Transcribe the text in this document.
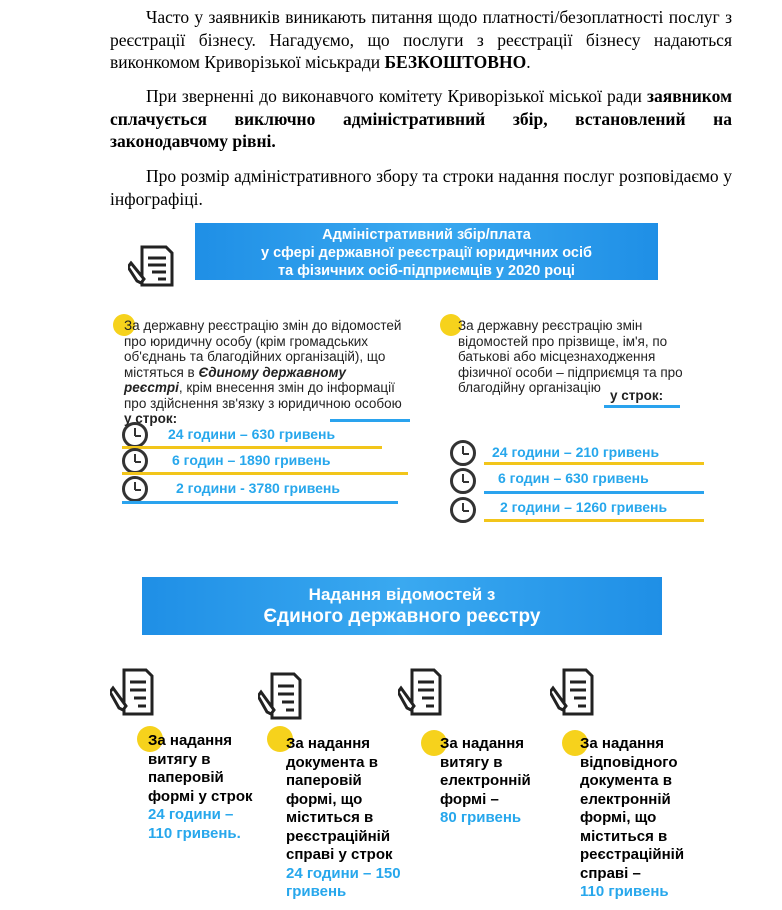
Часто у заявників виникають питання щодо платності/безоплатності послуг з реєстрації бізнесу. Нагадуємо, що послуги з реєстрації бізнесу надаються виконкомом Криворізької міськради БЕЗКОШТОВНО.

При зверненні до виконавчого комітету Криворізької міської ради заявником сплачується виключно адміністративний збір, встановлений на законодавчому рівні.

Про розмір адміністративного збору та строки надання послуг розповідаємо у інфографіці.

Адміністративний збір/плата
у сфері державної реєстрації юридичних осіб
та фізичних осіб-підприємців у 2020 році

За державну реєстрацію змін до відомостей про юридичну особу (крім громадських об'єднань та благодійних організацій), що містяться в Єдиному державному реєстрі, крім внесення змін до інформації про здійснення зв'язку з юридичною особою у строк:

24 години – 630 гривень
6 годин – 1890 гривень
2 години - 3780 гривень

За державну реєстрацію змін відомостей про прізвище, ім'я, по батькові або місцезнаходження фізичної особи – підприємця та про благодійну організацію

у строк:
24 години – 210 гривень
6 годин – 630 гривень
2 години – 1260 гривень
Надання відомостей з
Єдиного державного реєстру

За надання витягу в паперовій формі у строк
24 години – 110 гривень.

За надання документа в паперовій формі, що міститься в реєстраційній справі у строк
24 години – 150 гривень

За надання витягу в електронній формі –
80 гривень

За надання відповідного документа в електронній формі, що міститься в реєстраційній справі –
110 гривень
